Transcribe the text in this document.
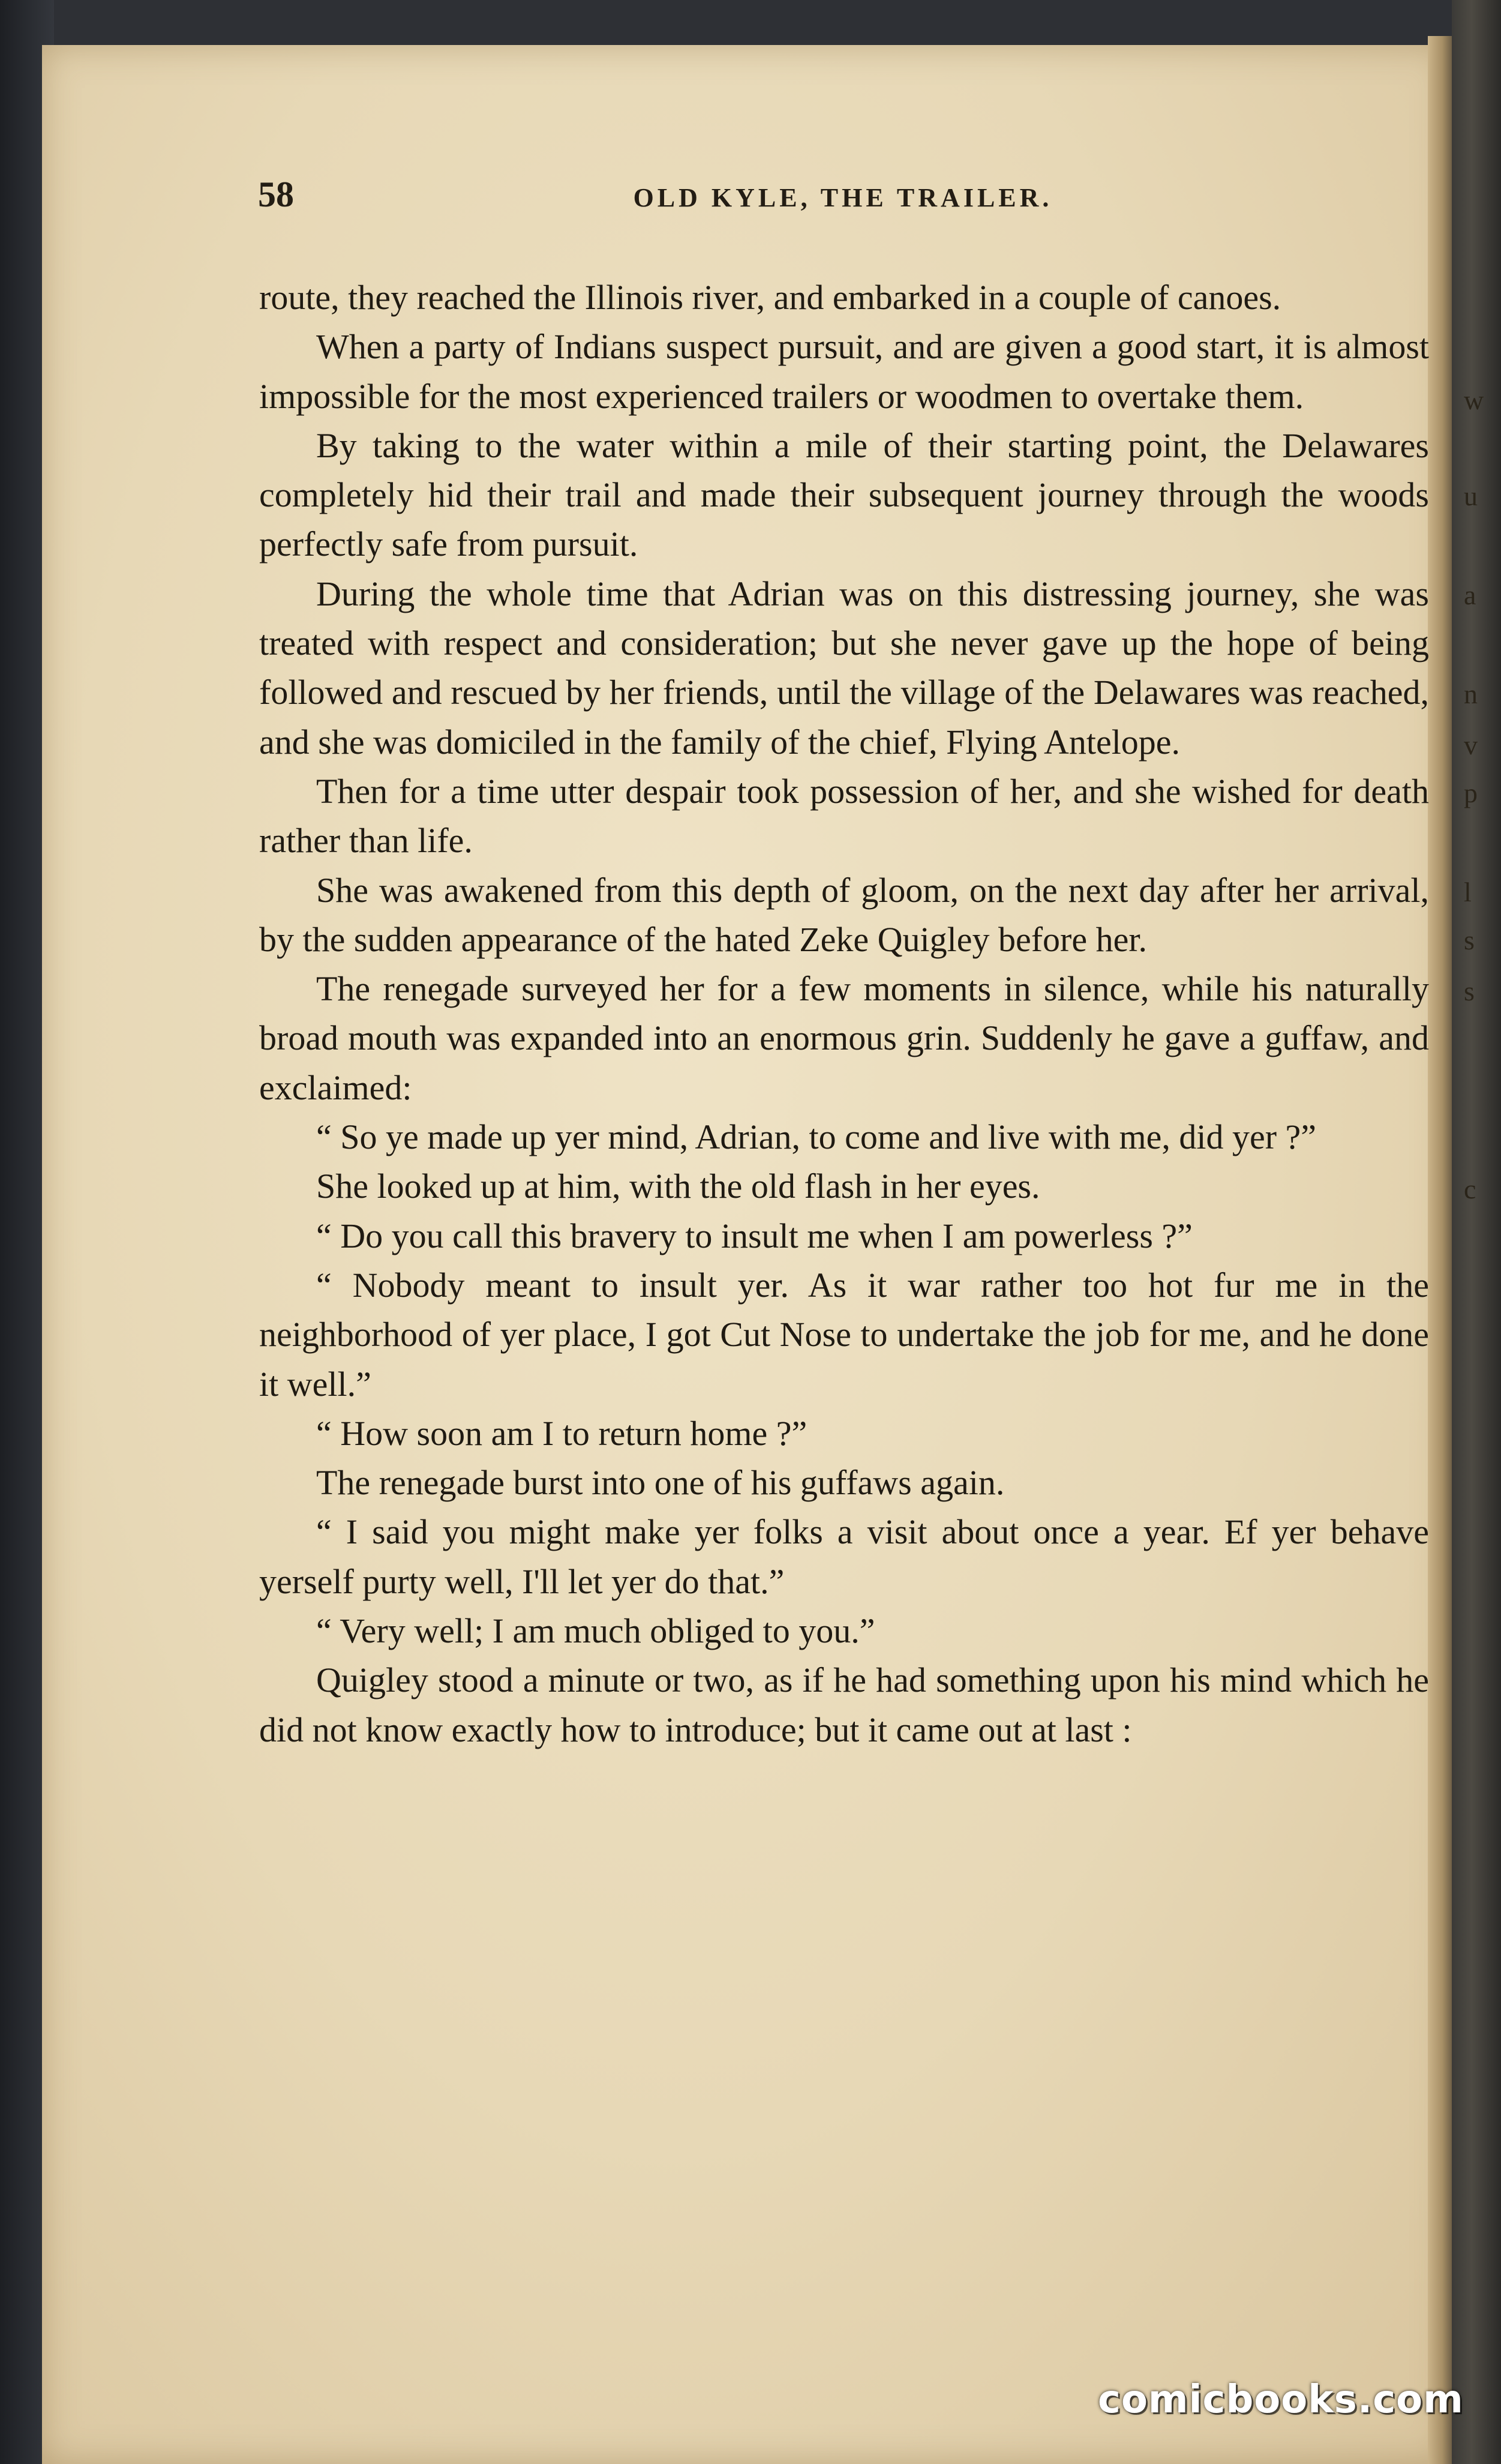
w
u
a
n
v
p
l
s
s
c
58	OLD KYLE, THE TRAILER.

route, they reached the Illinois river, and embarked in a couple of canoes.

When a party of Indians suspect pursuit, and are given a good start, it is almost impossible for the most experienced trailers or woodmen to overtake them.

By taking to the water within a mile of their starting point, the Delawares completely hid their trail and made their subsequent journey through the woods perfectly safe from pursuit.

During the whole time that Adrian was on this distressing journey, she was treated with respect and consideration; but she never gave up the hope of being followed and rescued by her friends, until the village of the Delawares was reached, and she was domiciled in the family of the chief, Flying Antelope.

Then for a time utter despair took possession of her, and she wished for death rather than life.

She was awakened from this depth of gloom, on the next day after her arrival, by the sudden appearance of the hated Zeke Quigley before her.

The renegade surveyed her for a few moments in silence, while his naturally broad mouth was expanded into an enormous grin. Suddenly he gave a guffaw, and exclaimed:

“ So ye made up yer mind, Adrian, to come and live with me, did yer ?”

She looked up at him, with the old flash in her eyes.

“ Do you call this bravery to insult me when I am powerless ?”

“ Nobody meant to insult yer. As it war rather too hot fur me in the neighborhood of yer place, I got Cut Nose to undertake the job for me, and he done it well.”

“ How soon am I to return home ?”

The renegade burst into one of his guffaws again.

“ I said you might make yer folks a visit about once a year. Ef yer behave yerself purty well, I'll let yer do that.”

“ Very well; I am much obliged to you.”

Quigley stood a minute or two, as if he had something upon his mind which he did not know exactly how to introduce; but it came out at last :

comicbooks.com
